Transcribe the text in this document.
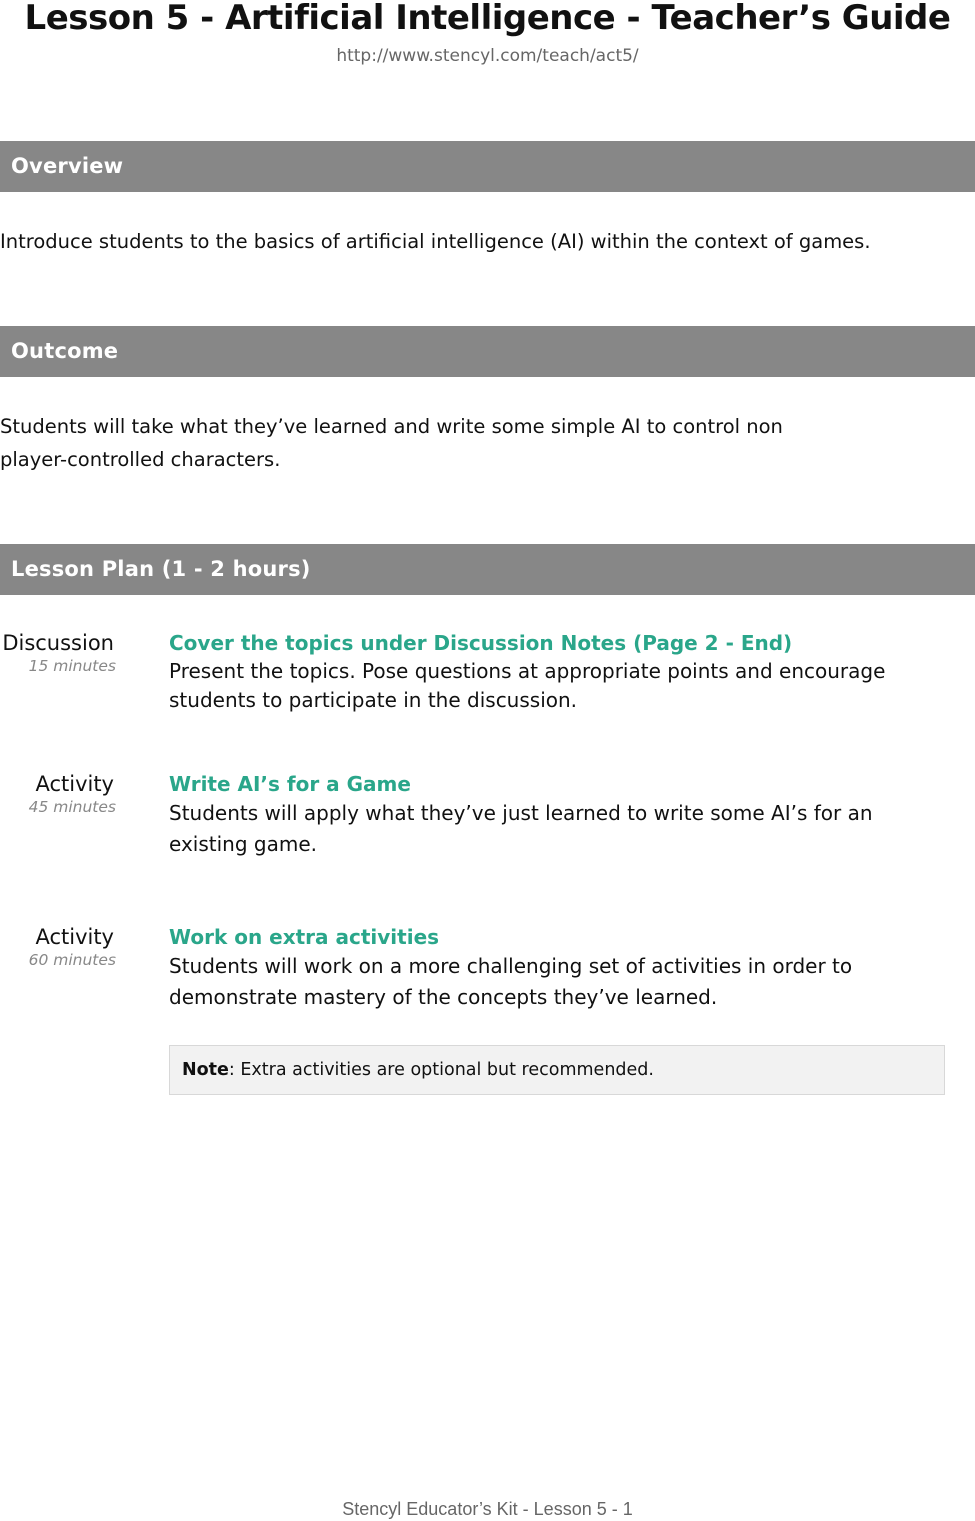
Lesson 5 - Artificial Intelligence - Teacher’s Guide
http://www.stencyl.com/teach/act5/
Overview
Introduce students to the basics of artificial intelligence (AI) within the context of games.
Outcome
Students will take what they’ve learned and write some simple AI to control non
player-controlled characters.
Lesson Plan (1 - 2 hours)
Discussion
15 minutes
Cover the topics under Discussion Notes (Page 2 - End)
Present the topics. Pose questions at appropriate points and encourage
students to participate in the discussion.
Activity
45 minutes
Write AI’s for a Game
Students will apply what they’ve just learned to write some AI’s for an
existing game.
Activity
60 minutes
Work on extra activities
Students will work on a more challenging set of activities in order to
demonstrate mastery of the concepts they’ve learned.
Note: Extra activities are optional but recommended.
Stencyl Educator’s Kit - Lesson 5 - 1
